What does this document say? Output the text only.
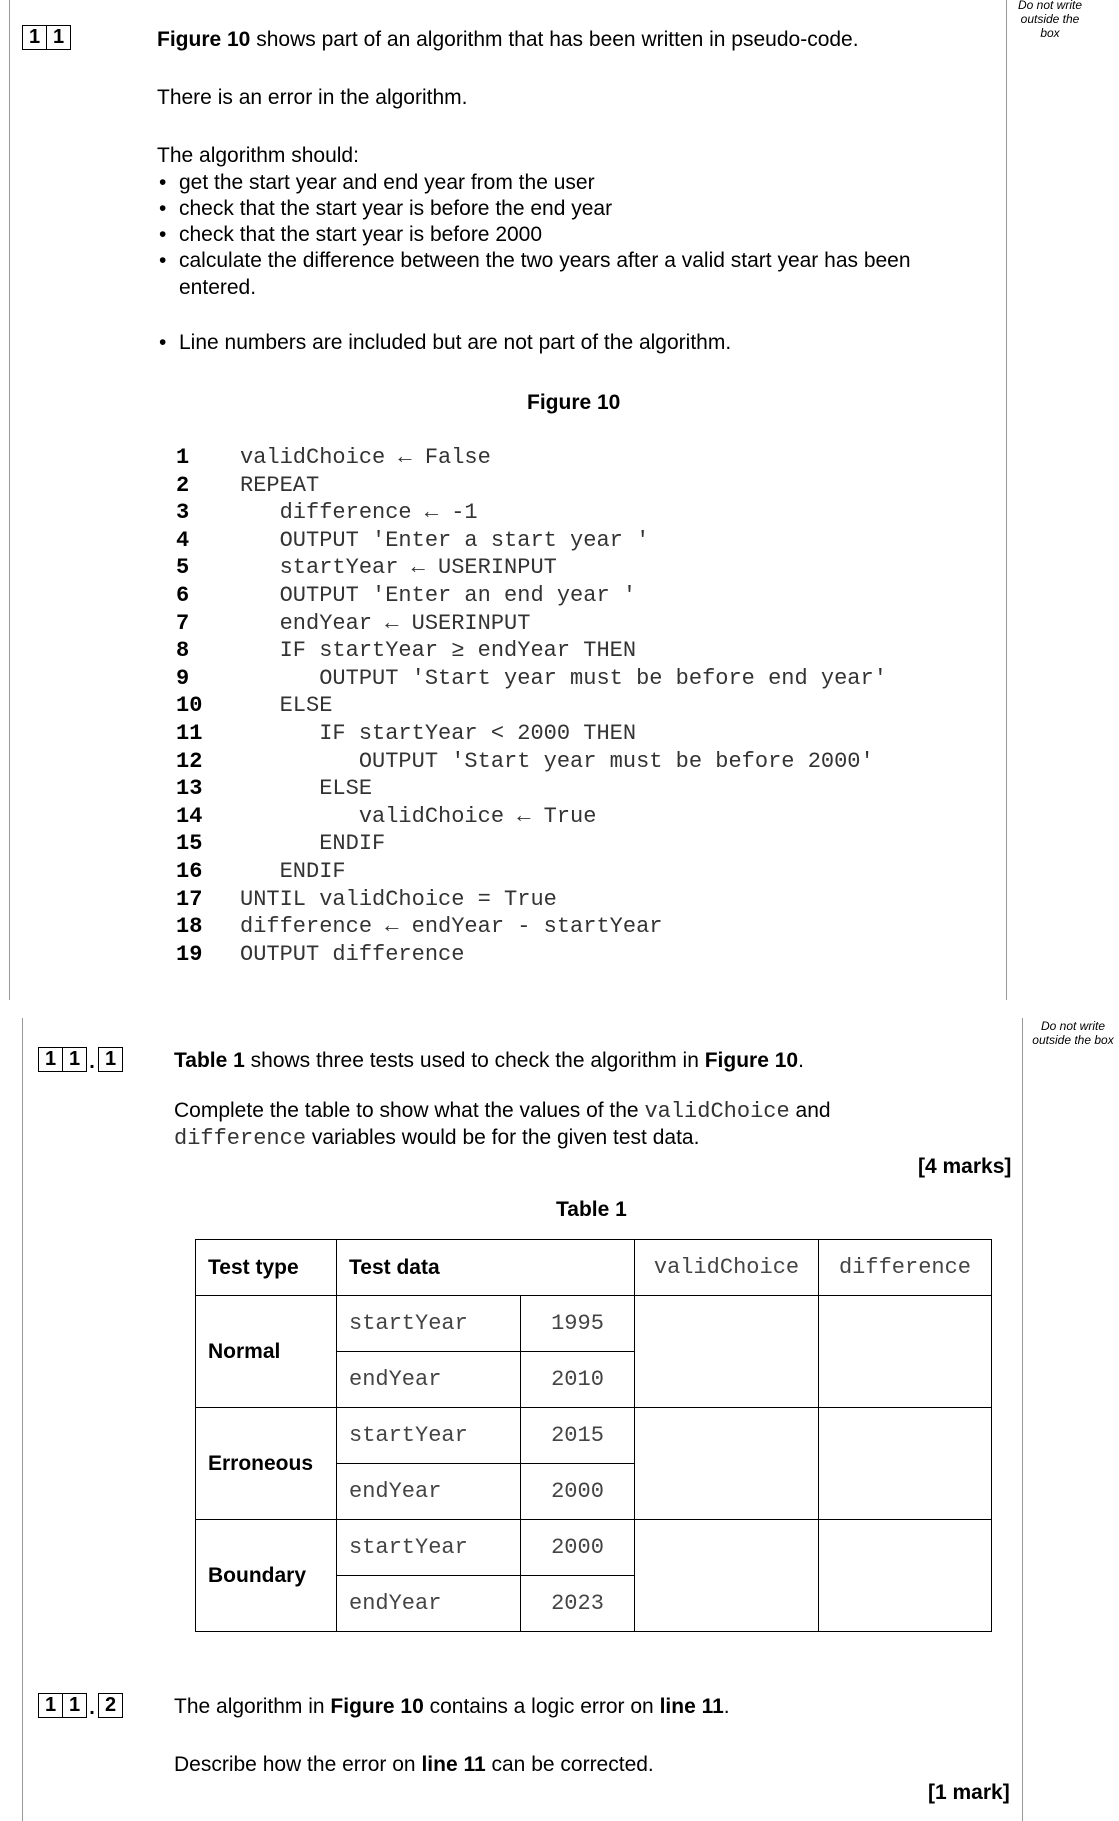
Do not write outside the box
1 1	Figure 10 shows part of an algorithm that has been written in pseudo-code.
There is an error in the algorithm.
The algorithm should:
• get the start year and end year from the user
• check that the start year is before the end year
• check that the start year is before 2000
• calculate the difference between the two years after a valid start year has been
entered.
• Line numbers are included but are not part of the algorithm.
Figure 10
1	validChoice ← False
2	REPEAT
3	difference ← -1
4	OUTPUT 'Enter a start year '
5	startYear ← USERINPUT
6	OUTPUT 'Enter an end year '
7	endYear ← USERINPUT
8	IF startYear ≥ endYear THEN
9	OUTPUT 'Start year must be before end year'
10	ELSE
11	IF startYear < 2000 THEN
12	OUTPUT 'Start year must be before 2000'
13	ELSE
14	validChoice ← True
15	ENDIF
16	ENDIF
17	UNTIL validChoice = True
18	difference ← endYear - startYear
19	OUTPUT difference
Do not write outside the box
1 1 . 1	Table 1 shows three tests used to check the algorithm in Figure 10.
Complete the table to show what the values of the validChoice and
difference variables would be for the given test data.
[4 marks]
Table 1
Test type	Test data		validChoice	difference
Normal	startYear	1995		
	endYear	2010		
Erroneous	startYear	2015		
	endYear	2000		
Boundary	startYear	2000		
	endYear	2023		
1 1 . 2	The algorithm in Figure 10 contains a logic error on line 11.
Describe how the error on line 11 can be corrected.
[1 mark]
